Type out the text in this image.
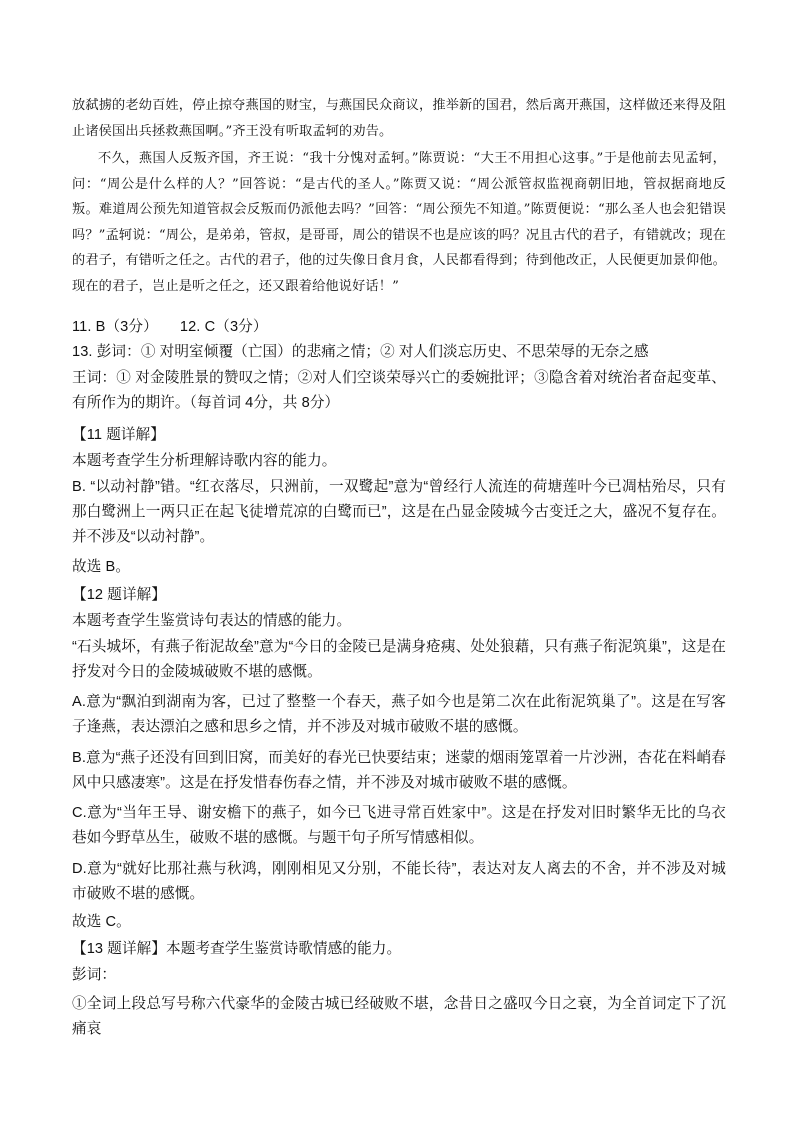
放弑掳的老幼百姓，停止掠夺燕国的财宝，与燕国民众商议，推举新的国君，然后离开燕国，这样做还来得及阻止诸侯国出兵拯救燕国啊。”齐王没有听取孟轲的劝告。
不久，燕国人反叛齐国，齐王说：“我十分愧对孟轲。”陈贾说：“大王不用担心这事。”于是他前去见孟轲，问：“周公是什么样的人？”回答说：“是古代的圣人。”陈贾又说：“周公派管叔监视商朝旧地，管叔据商地反叛。难道周公预先知道管叔会反叛而仍派他去吗？”回答：“周公预先不知道。”陈贾便说：“那么圣人也会犯错误吗？”孟轲说：“周公，是弟弟，管叔，是哥哥，周公的错误不也是应该的吗？况且古代的君子，有错就改；现在的君子，有错听之任之。古代的君子，他的过失像日食月食，人民都看得到；待到他改正，人民便更加景仰他。现在的君子，岂止是听之任之，还又跟着给他说好话！”
11. B（3分）　　12. C（3分）
13. 彭词：① 对明室倾覆（亡国）的悲痛之情；② 对人们淡忘历史、不思荣辱的无奈之感
王词：① 对金陵胜景的赞叹之情；②对人们空谈荣辱兴亡的委婉批评；③隐含着对统治者奋起变革、有所作为的期许。（每首词 4分，共 8分）
【11 题详解】
本题考查学生分析理解诗歌内容的能力。
B. “以动衬静”错。“红衣落尽，只洲前，一双鹭起”意为“曾经行人流连的荷塘莲叶今已凋枯殆尽，只有那白鹭洲上一两只正在起飞徒增荒凉的白鹭而已”，这是在凸显金陵城今古变迁之大，盛况不复存在。并不涉及“以动衬静”。
故选 B。
【12 题详解】
本题考查学生鉴赏诗句表达的情感的能力。
“石头城坏，有燕子衔泥故垒”意为“今日的金陵已是满身疮痍、处处狼藉，只有燕子衔泥筑巢”，这是在抒发对今日的金陵城破败不堪的感慨。
A.意为“飘泊到湖南为客，已过了整整一个春天，燕子如今也是第二次在此衔泥筑巢了”。这是在写客子逢燕，表达漂泊之感和思乡之情，并不涉及对城市破败不堪的感慨。
B.意为“燕子还没有回到旧窝，而美好的春光已快要结束；迷蒙的烟雨笼罩着一片沙洲，杏花在料峭春风中只感凄寒”。这是在抒发惜春伤春之情，并不涉及对城市破败不堪的感慨。
C.意为“当年王导、谢安檐下的燕子，如今已飞进寻常百姓家中”。这是在抒发对旧时繁华无比的乌衣巷如今野草丛生，破败不堪的感慨。与题干句子所写情感相似。
D.意为“就好比那社燕与秋鸿，刚刚相见又分别，不能长待”，表达对友人离去的不舍，并不涉及对城市破败不堪的感慨。
故选 C。
【13 题详解】本题考查学生鉴赏诗歌情感的能力。
彭词：
①全词上段总写号称六代豪华的金陵古城已经破败不堪，念昔日之盛叹今日之衰，为全首词定下了沉痛哀
